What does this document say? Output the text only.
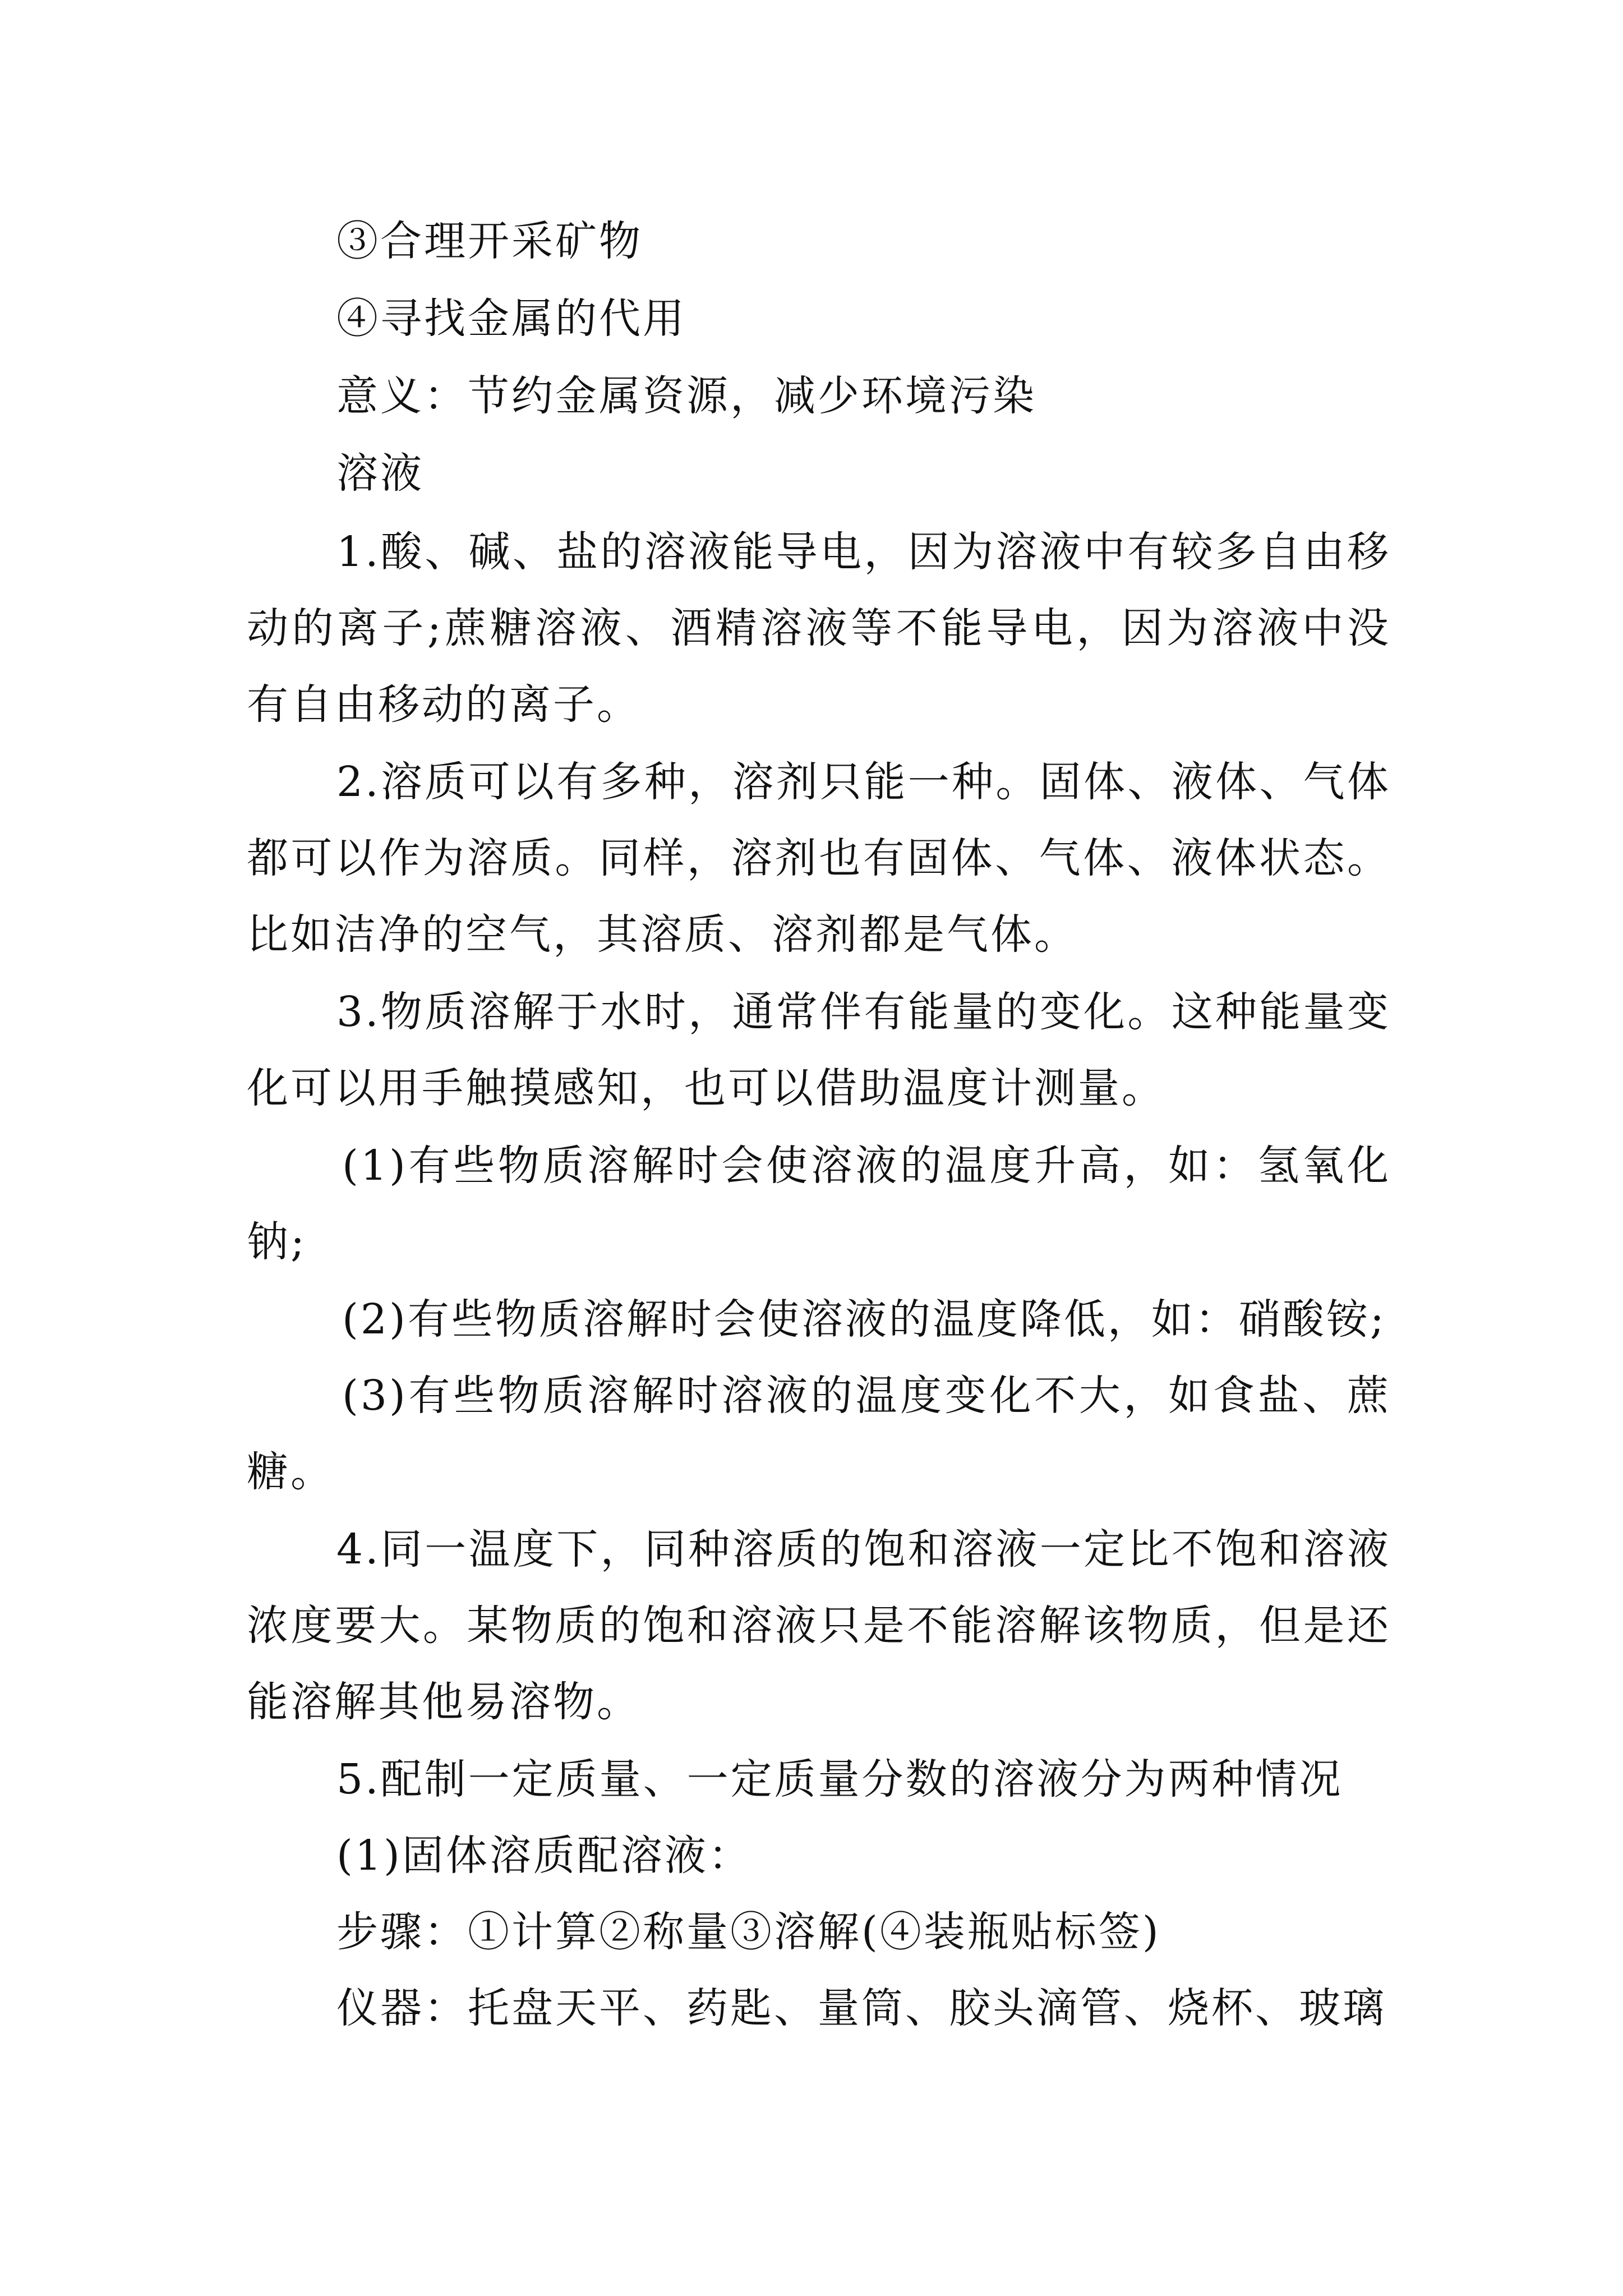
③合理开采矿物
④寻找金属的代用
意义：节约金属资源，减少环境污染
溶液

1.酸、碱、盐的溶液能导电，因为溶液中有较多自由移动的离子;蔗糖溶液、酒精溶液等不能导电，因为溶液中没有自由移动的离子。

2.溶质可以有多种，溶剂只能一种。固体、液体、气体都可以作为溶质。同样，溶剂也有固体、气体、液体状态。比如洁净的空气，其溶质、溶剂都是气体。

3.物质溶解于水时，通常伴有能量的变化。这种能量变化可以用手触摸感知，也可以借助温度计测量。

(1)有些物质溶解时会使溶液的温度升高，如：氢氧化钠;

(2)有些物质溶解时会使溶液的温度降低，如：硝酸铵;

(3)有些物质溶解时溶液的温度变化不大，如食盐、蔗糖。

4.同一温度下，同种溶质的饱和溶液一定比不饱和溶液浓度要大。某物质的饱和溶液只是不能溶解该物质，但是还能溶解其他易溶物。

5.配制一定质量、一定质量分数的溶液分为两种情况

(1)固体溶质配溶液：

步骤：①计算②称量③溶解(④装瓶贴标签)

仪器：托盘天平、药匙、量筒、胶头滴管、烧杯、玻璃
